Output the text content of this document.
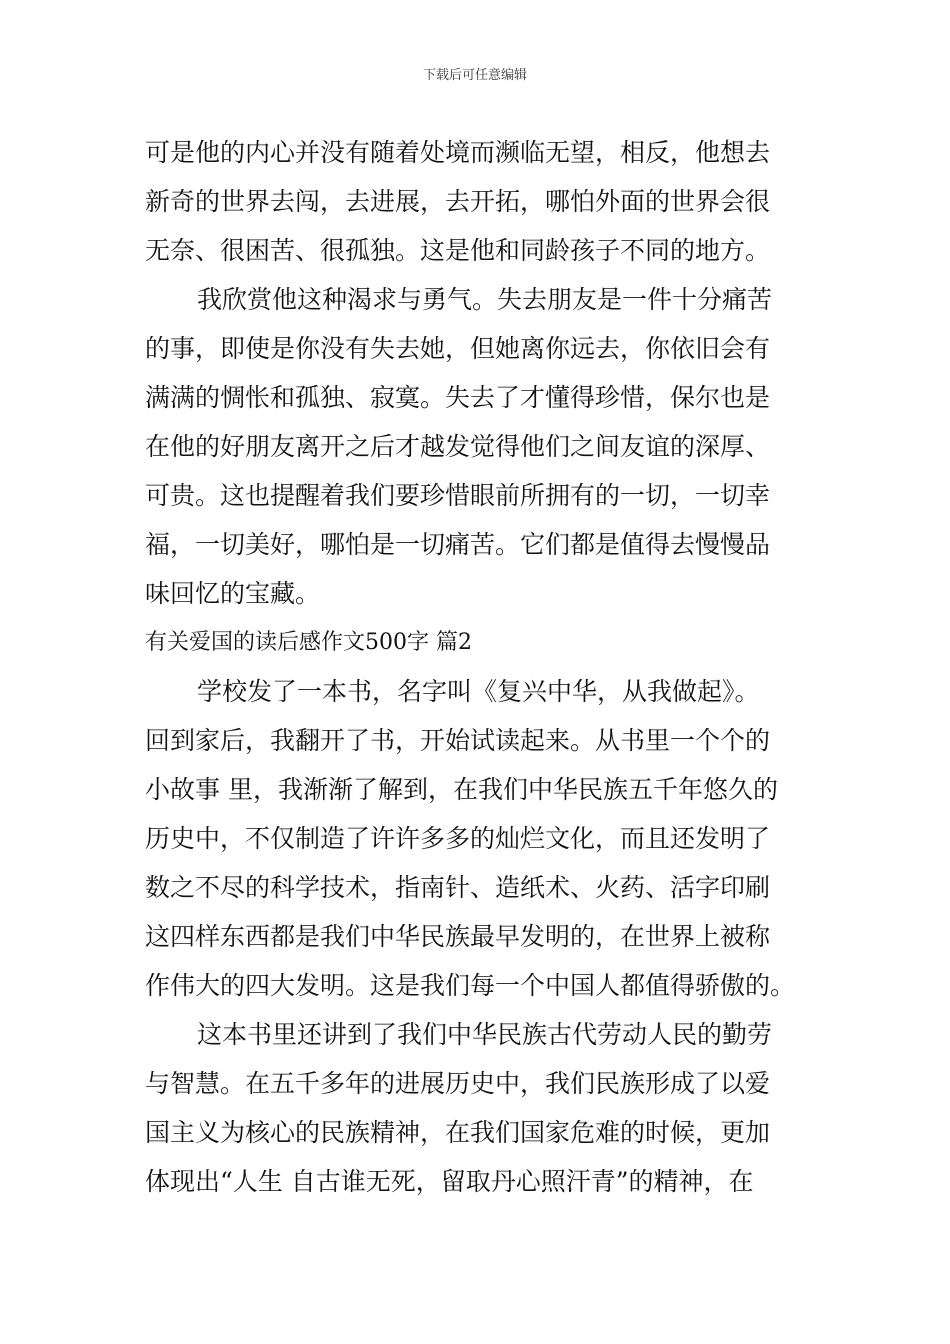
下载后可任意编辑
可是他的内心并没有随着处境而濒临无望，相反，他想去
新奇的世界去闯，去进展，去开拓，哪怕外面的世界会很
无奈、很困苦、很孤独。这是他和同龄孩子不同的地方。
我欣赏他这种渴求与勇气。失去朋友是一件十分痛苦
的事，即使是你没有失去她，但她离你远去，你依旧会有
满满的惆怅和孤独、寂寞。失去了才懂得珍惜，保尔也是
在他的好朋友离开之后才越发觉得他们之间友谊的深厚、
可贵。这也提醒着我们要珍惜眼前所拥有的一切，一切幸
福，一切美好，哪怕是一切痛苦。它们都是值得去慢慢品
味回忆的宝藏。
有关爱国的读后感作文500字 篇2
学校发了一本书，名字叫《复兴中华，从我做起》。
回到家后，我翻开了书，开始试读起来。从书里一个个的
小故事 里，我渐渐了解到，在我们中华民族五千年悠久的
历史中，不仅制造了许许多多的灿烂文化，而且还发明了
数之不尽的科学技术，指南针、造纸术、火药、活字印刷
这四样东西都是我们中华民族最早发明的，在世界上被称
作伟大的四大发明。这是我们每一个中国人都值得骄傲的。
这本书里还讲到了我们中华民族古代劳动人民的勤劳
与智慧。在五千多年的进展历史中，我们民族形成了以爱
国主义为核心的民族精神，在我们国家危难的时候，更加
体现出“人生 自古谁无死，留取丹心照汗青”的精神，在
